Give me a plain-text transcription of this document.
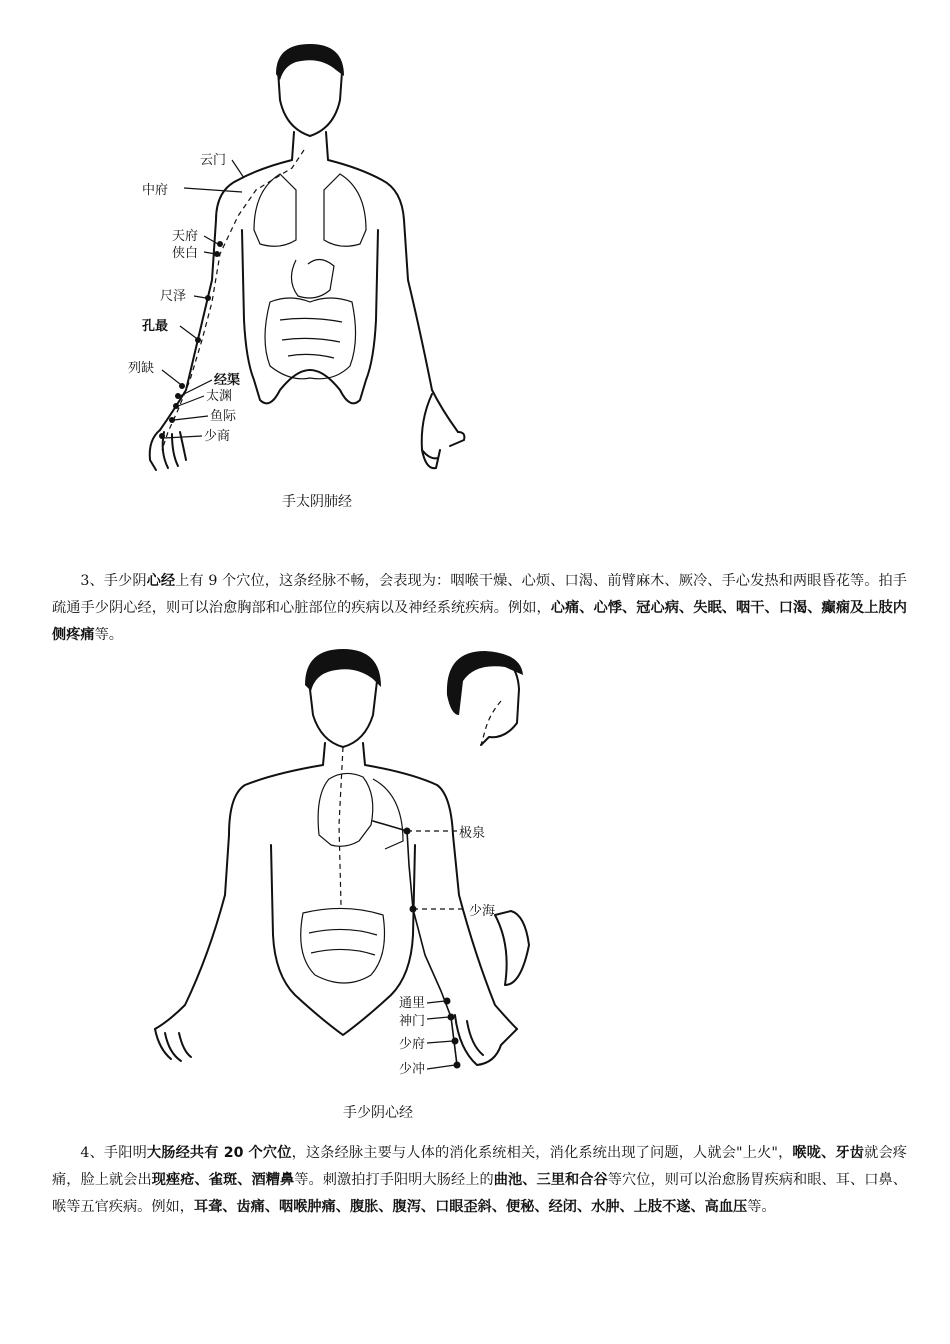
云门
中府
天府
侠白
尺泽
孔最
列缺
经渠
太渊
鱼际
少商
手太阴肺经

3、手少阴心经上有 9 个穴位，这条经脉不畅，会表现为：咽喉干燥、心烦、口渴、前臂麻木、厥冷、手心发热和两眼昏花等。拍手疏通手少阴心经，则可以治愈胸部和心脏部位的疾病以及神经系统疾病。例如，心痛、心悸、冠心病、失眠、咽干、口渴、癫痫及上肢内侧疼痛等。

极泉
少海
通里
神门
少府
少冲
手少阴心经

4、手阳明大肠经共有 20 个穴位，这条经脉主要与人体的消化系统相关，消化系统出现了问题，人就会"上火"，喉咙、牙齿就会疼痛，脸上就会出现痤疮、雀斑、酒糟鼻等。刺激拍打手阳明大肠经上的曲池、三里和合谷等穴位，则可以治愈肠胃疾病和眼、耳、口鼻、喉等五官疾病。例如，耳聋、齿痛、咽喉肿痛、腹胀、腹泻、口眼歪斜、便秘、经闭、水肿、上肢不遂、高血压等。
